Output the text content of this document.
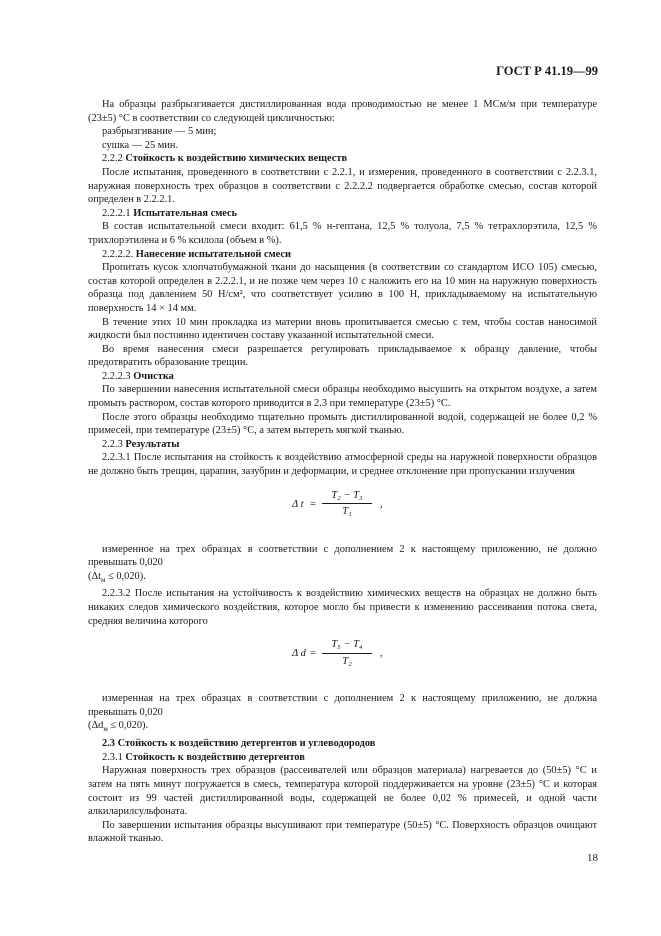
ГОСТ Р 41.19—99

На образцы разбрызгивается дистиллированная вода проводимостью не менее 1 МСм/м при температуре (23±5) °С в соответствии со следующей цикличностью:

разбрызгивание — 5 мин;

сушка — 25 мин.

2.2.2 Стойкость к воздействию химических веществ

После испытания, проведенного в соответствии с 2.2.1, и измерения, проведенного в соответствии с 2.2.3.1, наружная поверхность трех образцов в соответствии с 2.2.2.2 подвергается обработке смесью, состав которой определен в 2.2.2.1.

2.2.2.1 Испытательная смесь

В состав испытательной смеси входит: 61,5 % н-гептана, 12,5 % толуола, 7,5 % тетрахлорэтила, 12,5 % трихлорэтилена и 6 % ксилола (объем в %).

2.2.2.2. Нанесение испытательной смеси

Пропитать кусок хлопчатобумажной ткани до насыщения (в соответствии со стандартом ИСО 105) смесью, состав которой определен в 2.2.2.1, и не позже чем через 10 с наложить его на 10 мин на наружную поверхность образца под давлением 50 Н/см², что соответствует усилию в 100 Н, прикладываемому на испытательную поверхность 14 × 14 мм.

В течение этих 10 мин прокладка из материи вновь пропитывается смесью с тем, чтобы состав наносимой жидкости был постоянно идентичен составу указанной испытательной смеси.

Во время нанесения смеси разрешается регулировать прикладываемое к образцу давление, чтобы предотвратить образование трещин.

2.2.2.3 Очистка

По завершении нанесения испытательной смеси образцы необходимо высушить на открытом воздухе, а затем промыть раствором, состав которого приводится в 2.3 при температуре (23±5) °С.

После этого образцы необходимо тщательно промыть дистиллированной водой, содержащей не более 0,2 % примесей, при температуре (23±5) °С, а затем вытереть мягкой тканью.

2.2.3 Результаты

2.2.3.1 После испытания на стойкость к воздействию атмосферной среды на наружной поверхности образцов не должно быть трещин, царапин, зазубрин и деформации, и среднее отклонение при пропускании излучения

Δ $t = \frac{\text{T₂ − T₃}}{\text{T₁}}$ ,

измеренное на трех образцах в соответствии с дополнением 2 к настоящему приложению, не должно превышать 0,020

$(\Delta t_м \le 0,020)$.

2.2.3.2 После испытания на устойчивость к воздействию химических веществ на образцах не должно быть никаких следов химического воздействия, которое могло бы привести к изменению рассеивания потока света, средняя величина которого

Δ $d = \frac{\text{T₅ − T₄}}{\text{T₂}}$ ,

измеренная на трех образцах в соответствии с дополнением 2 к настоящему приложению, не должна превышать 0,020

$(\Delta d_м \le 0,020)$.

2.3 Стойкость к воздействию детергентов и углеводородов

2.3.1 Стойкость к воздействию детергентов

Наружная поверхность трех образцов (рассеивателей или образцов материала) нагревается до (50±5) °С и затем на пять минут погружается в смесь, температура которой поддерживается на уровне (23±5) °С и которая состоит из 99 частей дистиллированной воды, содержащей не более 0,02 % примесей, и одной части алкиларилсульфоната.

По завершении испытания образцы высушивают при температуре (50±5) °С. Поверхность образцов очищают влажной тканью.

18
